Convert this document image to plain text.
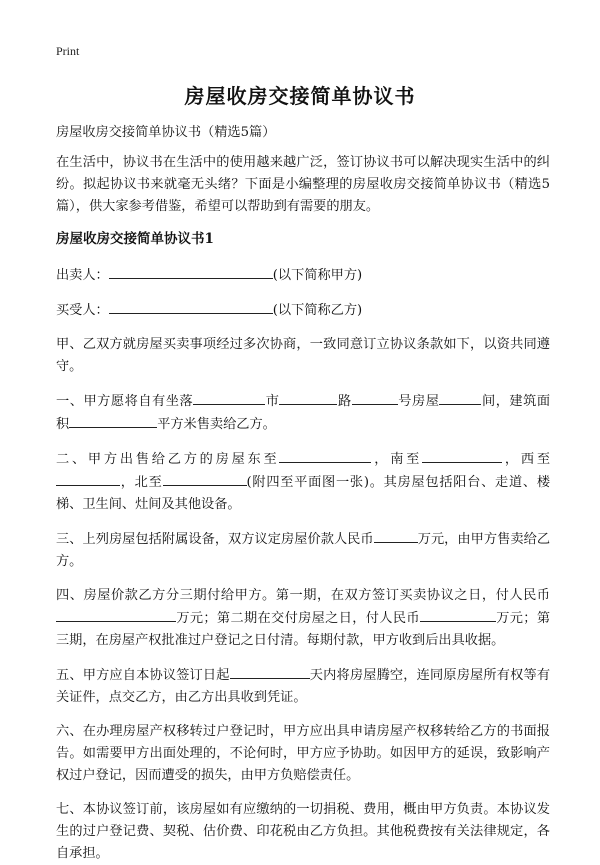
Print
房屋收房交接简单协议书

房屋收房交接简单协议书（精选5篇）

在生活中，协议书在生活中的使用越来越广泛，签订协议书可以解决现实生活中的纠纷。拟起协议书来就毫无头绪？下面是小编整理的房屋收房交接简单协议书（精选5篇），供大家参考借鉴，希望可以帮助到有需要的朋友。

房屋收房交接简单协议书1

出卖人：	(以下简称甲方)

买受人：	(以下简称乙方)

甲、乙双方就房屋买卖事项经过多次协商，一致同意订立协议条款如下，以资共同遵守。

一、甲方愿将自有坐落	市	路	号房屋	间，建筑面积	平方米售卖给乙方。

二、甲方出售给乙方的房屋东至	，南至	，西至，北至	(附四至平面图一张)。其房屋包括阳台、走道、楼梯、卫生间、灶间及其他设备。

三、上列房屋包括附属设备，双方议定房屋价款人民币	万元，由甲方售卖给乙方。

四、房屋价款乙方分三期付给甲方。第一期，在双方签订买卖协议之日，付人民币万元；第二期在交付房屋之日，付人民币	万元；第三期，在房屋产权批准过户登记之日付清。每期付款，甲方收到后出具收据。

五、甲方应自本协议签订日起	天内将房屋腾空，连同原房屋所有权等有关证件，点交乙方，由乙方出具收到凭证。

六、在办理房屋产权移转过户登记时，甲方应出具申请房屋产权移转给乙方的书面报告。如需要甲方出面处理的，不论何时，甲方应予协助。如因甲方的延误，致影响产权过户登记，因而遭受的损失，由甲方负赔偿责任。

七、本协议签订前，该房屋如有应缴纳的一切捐税、费用，概由甲方负责。本协议发生的过户登记费、契税、估价费、印花税由乙方负担。其他税费按有关法律规定，各自承担。
